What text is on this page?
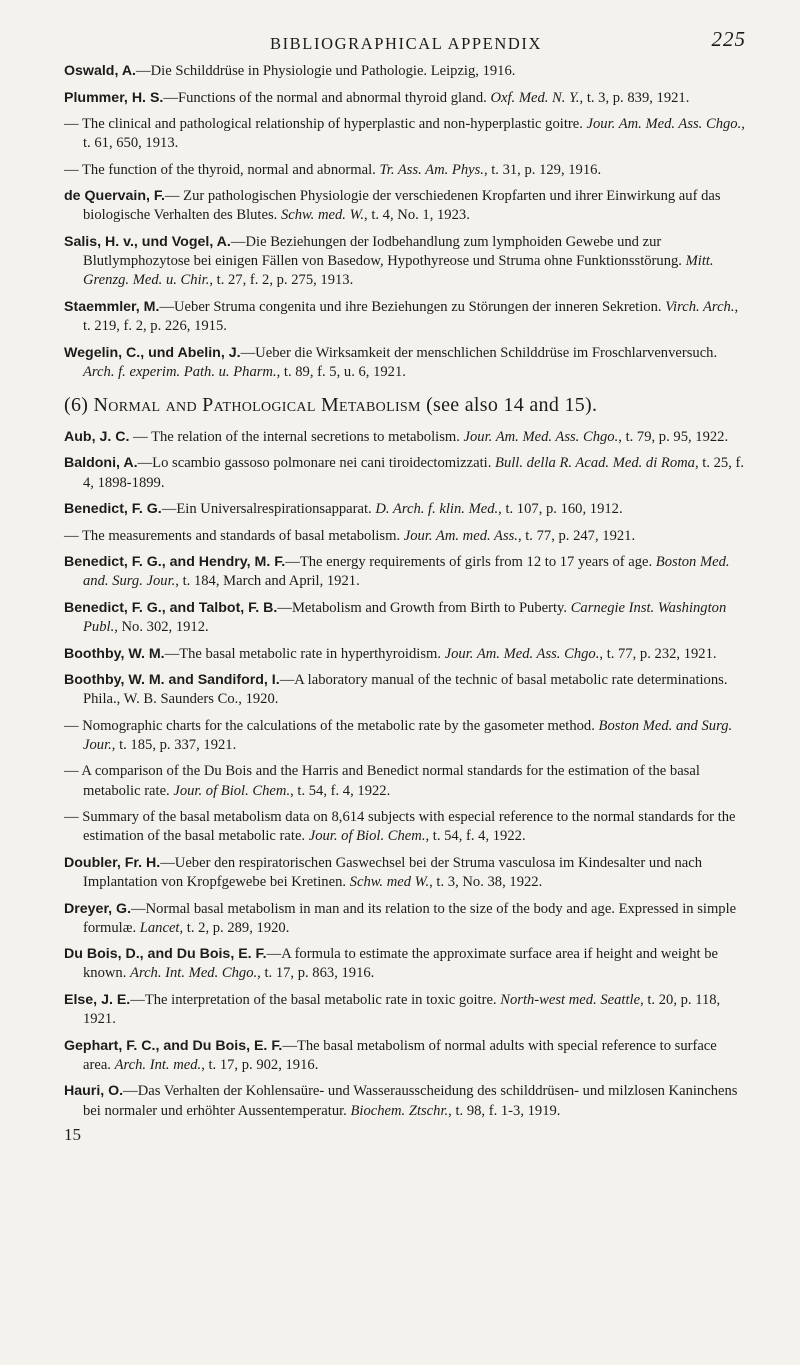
BIBLIOGRAPHICAL APPENDIX	225
Oswald, A.—Die Schilddrüse in Physiologie und Pathologie. Leipzig, 1916.
Plummer, H. S.—Functions of the normal and abnormal thyroid gland. Oxf. Med. N. Y., t. 3, p. 839, 1921.
— The clinical and pathological relationship of hyperplastic and non-hyperplastic goitre. Jour. Am. Med. Ass. Chgo., t. 61, 650, 1913.
— The function of the thyroid, normal and abnormal. Tr. Ass. Am. Phys., t. 31, p. 129, 1916.
de Quervain, F.— Zur pathologischen Physiologie der verschiedenen Kropfarten und ihrer Einwirkung auf das biologische Verhalten des Blutes. Schw. med. W., t. 4, No. 1, 1923.
Salis, H. v., und Vogel, A.—Die Beziehungen der Iodbehandlung zum lymphoiden Gewebe und zur Blutlymphozytose bei einigen Fällen von Basedow, Hypothyreose und Struma ohne Funktionsstörung. Mitt. Grenzg. Med. u. Chir., t. 27, f. 2, p. 275, 1913.
Staemmler, M.—Ueber Struma congenita und ihre Beziehungen zu Störungen der inneren Sekretion. Virch. Arch., t. 219, f. 2, p. 226, 1915.
Wegelin, C., und Abelin, J.—Ueber die Wirksamkeit der menschlichen Schilddrüse im Froschlarvenversuch. Arch. f. experim. Path. u. Pharm., t. 89, f. 5, u. 6, 1921.
(6) Normal and Pathological Metabolism (see also 14 and 15).
Aub, J. C. — The relation of the internal secretions to metabolism. Jour. Am. Med. Ass. Chgo., t. 79, p. 95, 1922.
Baldoni, A.—Lo scambio gassoso polmonare nei cani tiroidectomizzati. Bull. della R. Acad. Med. di Roma, t. 25, f. 4, 1898-1899.
Benedict, F. G.—Ein Universalrespirationsapparat. D. Arch. f. klin. Med., t. 107, p. 160, 1912.
— The measurements and standards of basal metabolism. Jour. Am. med. Ass., t. 77, p. 247, 1921.
Benedict, F. G., and Hendry, M. F.—The energy requirements of girls from 12 to 17 years of age. Boston Med. and. Surg. Jour., t. 184, March and April, 1921.
Benedict, F. G., and Talbot, F. B.—Metabolism and Growth from Birth to Puberty. Carnegie Inst. Washington Publ., No. 302, 1912.
Boothby, W. M.—The basal metabolic rate in hyperthyroidism. Jour. Am. Med. Ass. Chgo., t. 77, p. 232, 1921.
Boothby, W. M. and Sandiford, I.—A laboratory manual of the technic of basal metabolic rate determinations. Phila., W. B. Saunders Co., 1920.
— Nomographic charts for the calculations of the metabolic rate by the gasometer method. Boston Med. and Surg. Jour., t. 185, p. 337, 1921.
— A comparison of the Du Bois and the Harris and Benedict normal standards for the estimation of the basal metabolic rate. Jour. of Biol. Chem., t. 54, f. 4, 1922.
— Summary of the basal metabolism data on 8,614 subjects with especial reference to the normal standards for the estimation of the basal metabolic rate. Jour. of Biol. Chem., t. 54, f. 4, 1922.
Doubler, Fr. H.—Ueber den respiratorischen Gaswechsel bei der Struma vasculosa im Kindesalter und nach Implantation von Kropfgewebe bei Kretinen. Schw. med W., t. 3, No. 38, 1922.
Dreyer, G.—Normal basal metabolism in man and its relation to the size of the body and age. Expressed in simple formulæ. Lancet, t. 2, p. 289, 1920.
Du Bois, D., and Du Bois, E. F.—A formula to estimate the approximate surface area if height and weight be known. Arch. Int. Med. Chgo., t. 17, p. 863, 1916.
Else, J. E.—The interpretation of the basal metabolic rate in toxic goitre. North-west med. Seattle, t. 20, p. 118, 1921.
Gephart, F. C., and Du Bois, E. F.—The basal metabolism of normal adults with special reference to surface area. Arch. Int. med., t. 17, p. 902, 1916.
Hauri, O.—Das Verhalten der Kohlensaüre- und Wasserausscheidung des schilddrüsen- und milzlosen Kaninchens bei normaler und erhöhter Aussentemperatur. Biochem. Ztschr., t. 98, f. 1-3, 1919.
15
